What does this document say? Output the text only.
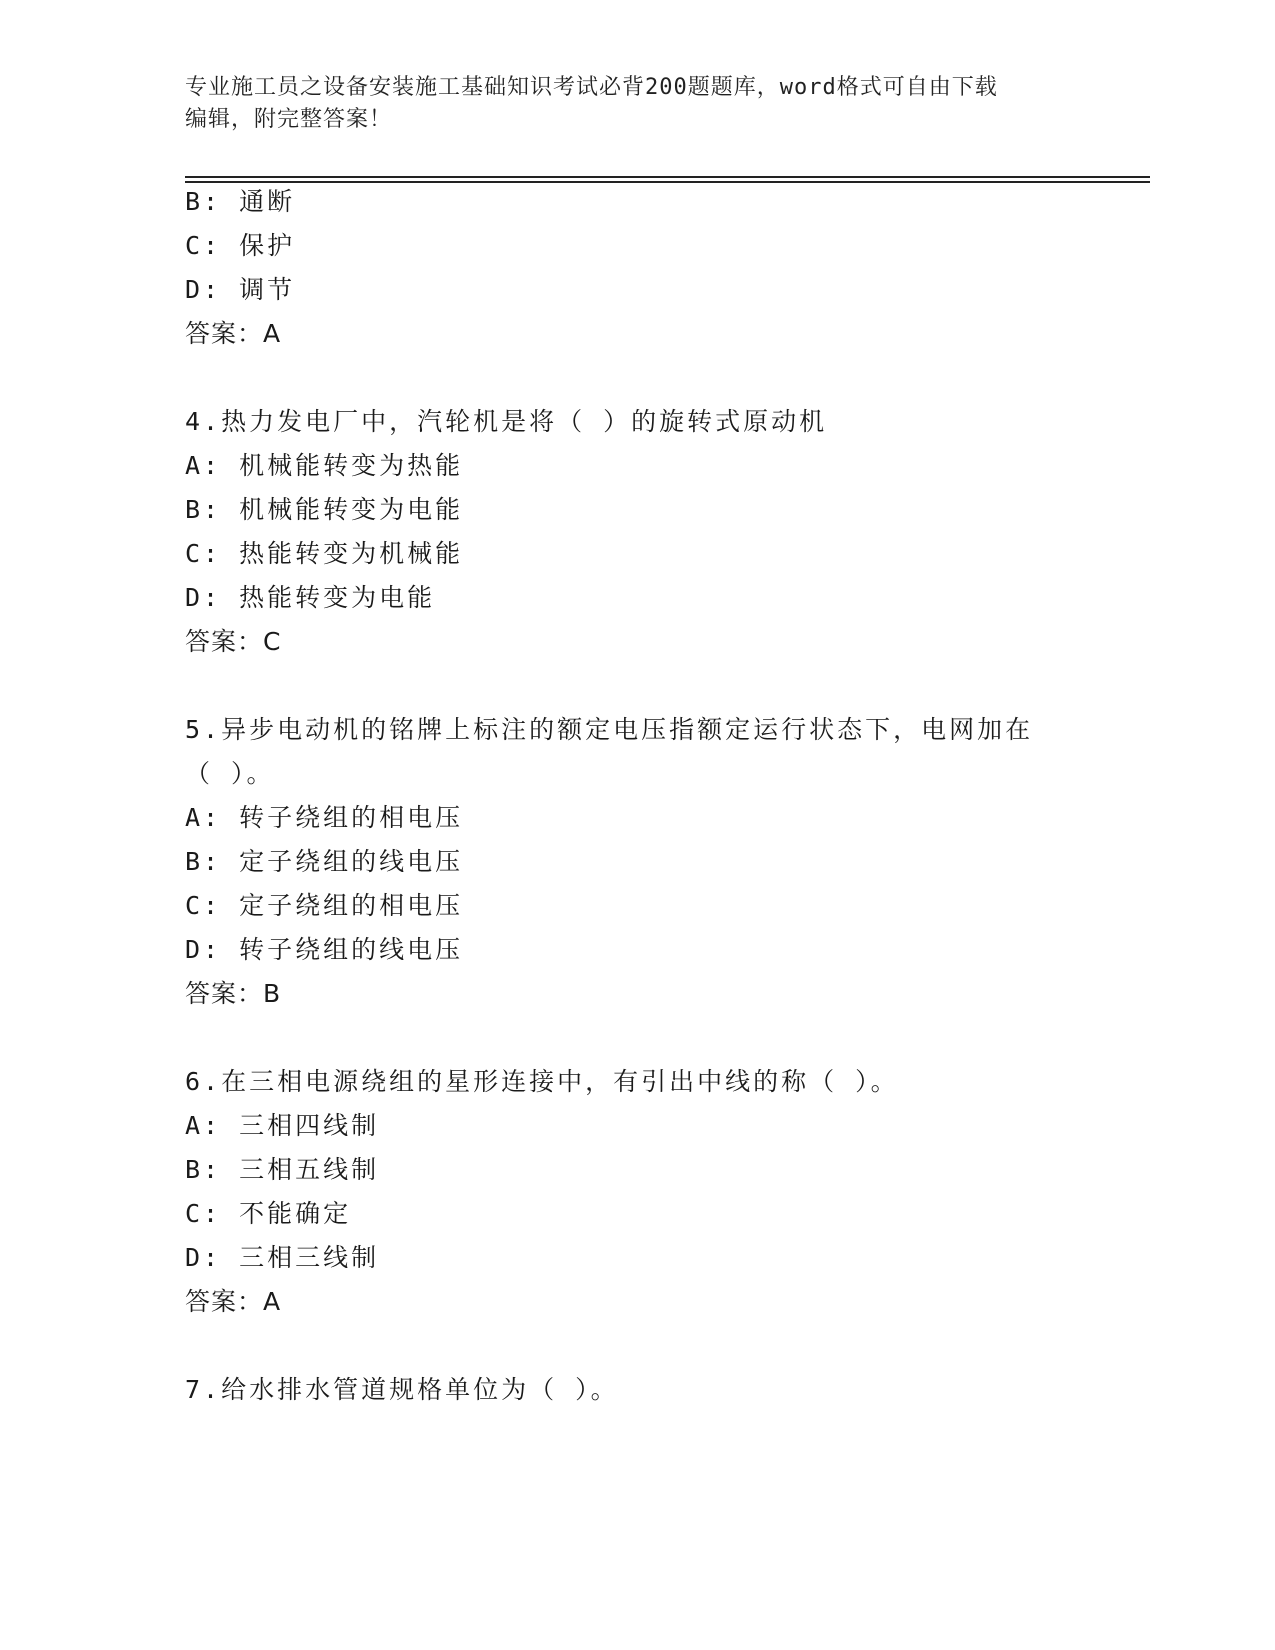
专业施工员之设备安装施工基础知识考试必背200题题库，word格式可自由下载
编辑，附完整答案！
B: 通断
C: 保护
D: 调节
答案：A
4.热力发电厂中，汽轮机是将（ ）的旋转式原动机
A: 机械能转变为热能
B: 机械能转变为电能
C: 热能转变为机械能
D: 热能转变为电能
答案：C
5.异步电动机的铭牌上标注的额定电压指额定运行状态下，电网加在
（ ）。
A: 转子绕组的相电压
B: 定子绕组的线电压
C: 定子绕组的相电压
D: 转子绕组的线电压
答案：B
6.在三相电源绕组的星形连接中，有引出中线的称（ ）。
A: 三相四线制
B: 三相五线制
C: 不能确定
D: 三相三线制
答案：A
7.给水排水管道规格单位为（ ）。
